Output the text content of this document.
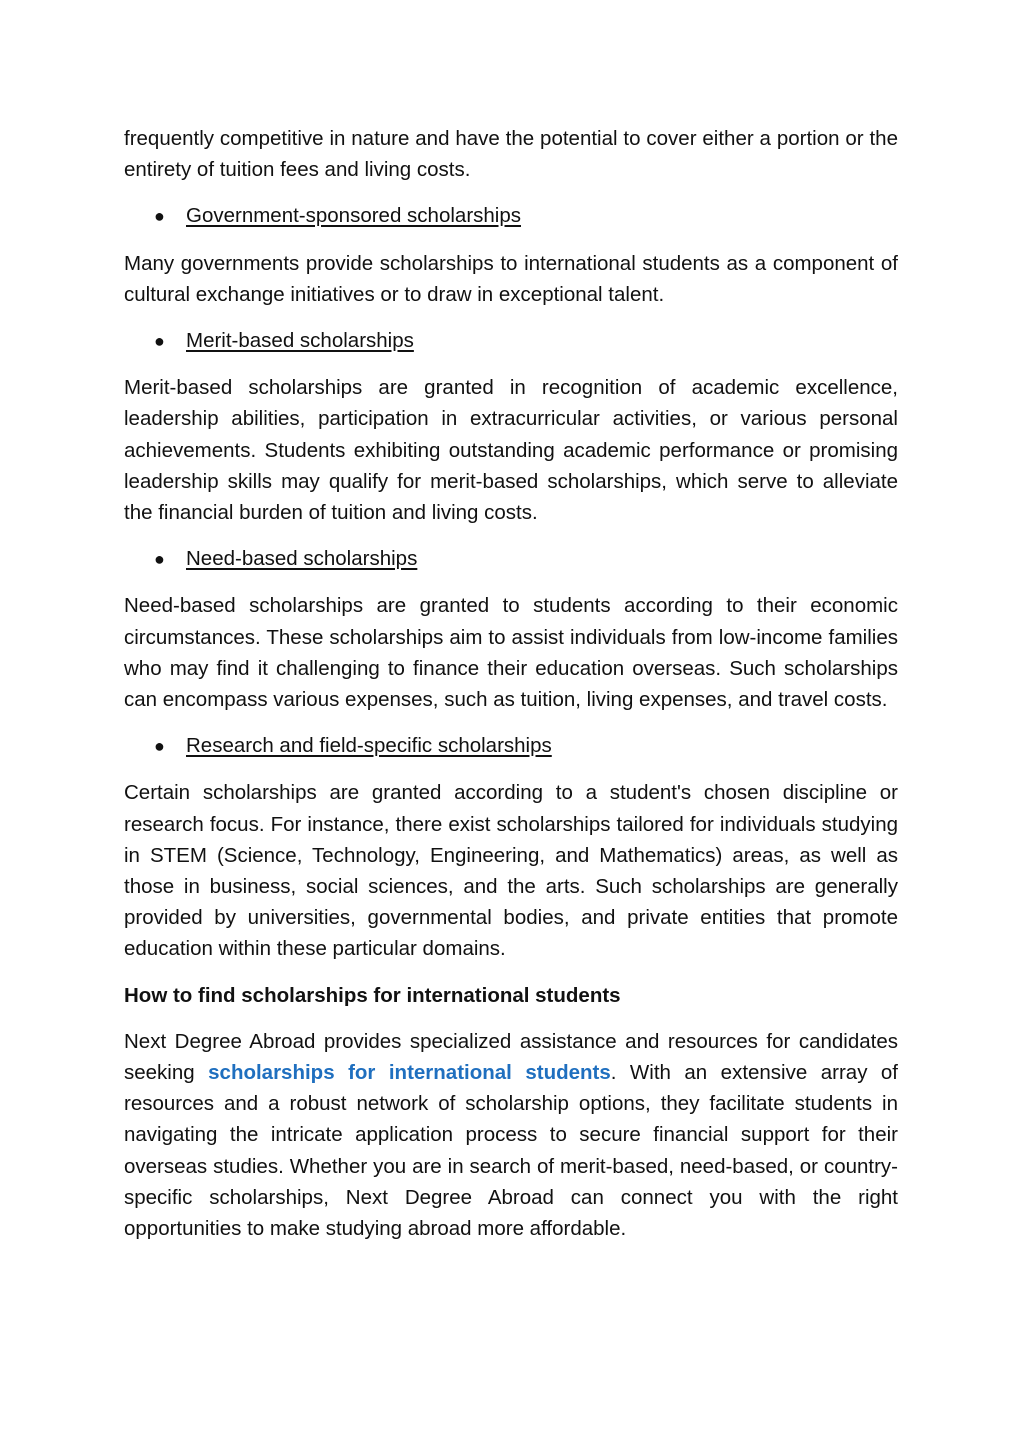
frequently competitive in nature and have the potential to cover either a portion or the entirety of tuition fees and living costs.

●	Government-sponsored scholarships

Many governments provide scholarships to international students as a component of cultural exchange initiatives or to draw in exceptional talent.

●	Merit-based scholarships

Merit-based scholarships are granted in recognition of academic excellence, leadership abilities, participation in extracurricular activities, or various personal achievements. Students exhibiting outstanding academic performance or promising leadership skills may qualify for merit-based scholarships, which serve to alleviate the financial burden of tuition and living costs.

●	Need-based scholarships

Need-based scholarships are granted to students according to their economic circumstances. These scholarships aim to assist individuals from low-income families who may find it challenging to finance their education overseas. Such scholarships can encompass various expenses, such as tuition, living expenses, and travel costs.

●	Research and field-specific scholarships

Certain scholarships are granted according to a student's chosen discipline or research focus. For instance, there exist scholarships tailored for individuals studying in STEM (Science, Technology, Engineering, and Mathematics) areas, as well as those in business, social sciences, and the arts. Such scholarships are generally provided by universities, governmental bodies, and private entities that promote education within these particular domains.

How to find scholarships for international students

Next Degree Abroad provides specialized assistance and resources for candidates seeking scholarships for international students. With an extensive array of resources and a robust network of scholarship options, they facilitate students in navigating the intricate application process to secure financial support for their overseas studies. Whether you are in search of merit-based, need-based, or country-specific scholarships, Next Degree Abroad can connect you with the right opportunities to make studying abroad more affordable.
